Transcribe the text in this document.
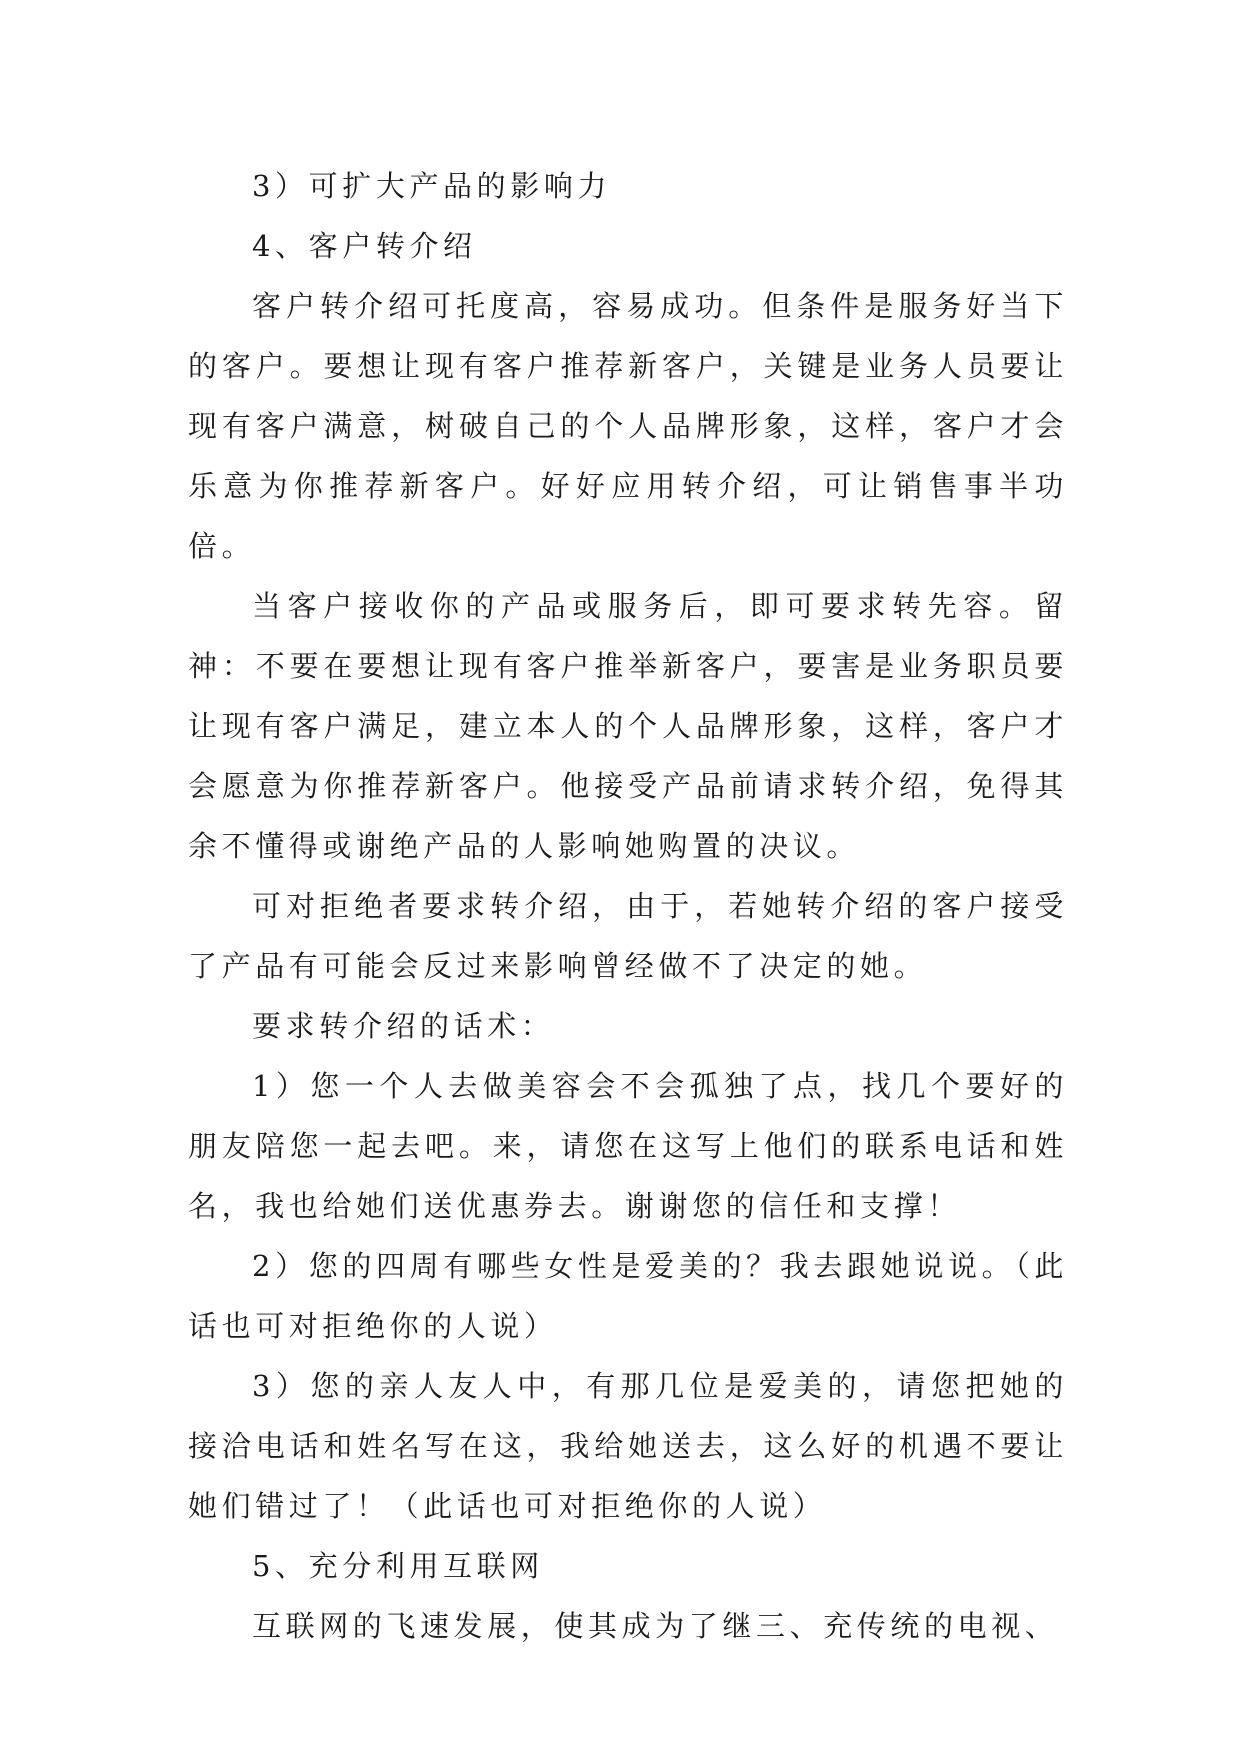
3）可扩大产品的影响力

4、客户转介绍

客户转介绍可托度高，容易成功。但条件是服务好当下的客户。要想让现有客户推荐新客户，关键是业务人员要让现有客户满意，树破自己的个人品牌形象，这样，客户才会乐意为你推荐新客户。好好应用转介绍，可让销售事半功倍。

当客户接收你的产品或服务后，即可要求转先容。留神：不要在要想让现有客户推举新客户，要害是业务职员要让现有客户满足，建立本人的个人品牌形象，这样，客户才会愿意为你推荐新客户。他接受产品前请求转介绍，免得其余不懂得或谢绝产品的人影响她购置的决议。

可对拒绝者要求转介绍，由于，若她转介绍的客户接受了产品有可能会反过来影响曾经做不了决定的她。

要求转介绍的话术：

1）您一个人去做美容会不会孤独了点，找几个要好的朋友陪您一起去吧。来，请您在这写上他们的联系电话和姓名，我也给她们送优惠券去。谢谢您的信任和支撑！

2）您的四周有哪些女性是爱美的？我去跟她说说。（此话也可对拒绝你的人说）

3）您的亲人友人中，有那几位是爱美的，请您把她的接洽电话和姓名写在这，我给她送去，这么好的机遇不要让她们错过了！（此话也可对拒绝你的人说）

5、充分利用互联网

互联网的飞速发展，使其成为了继三、充传统的电视、
